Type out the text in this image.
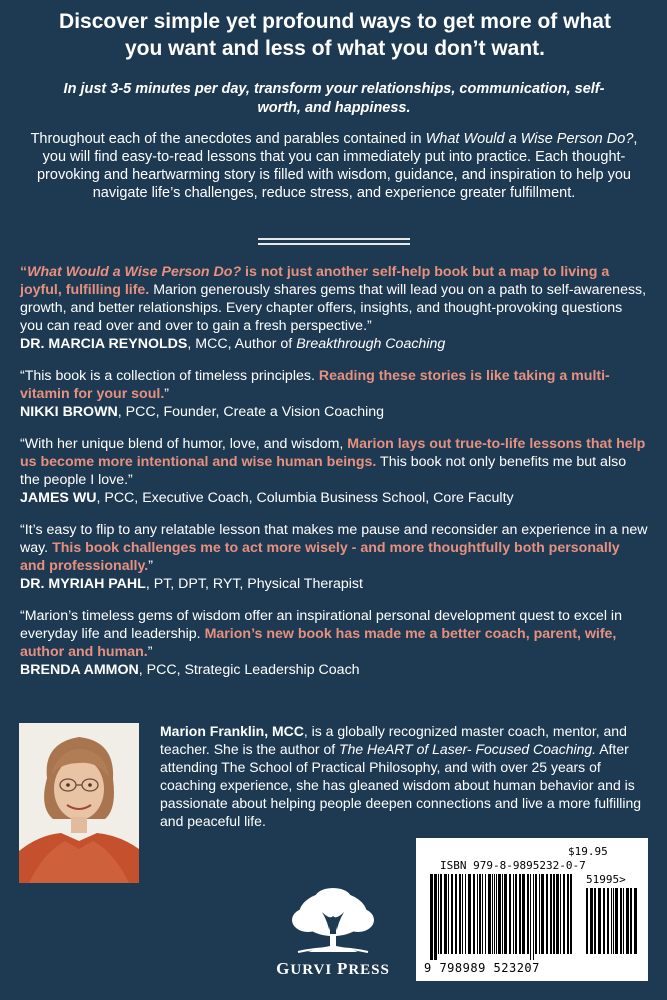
Discover simple yet profound ways to get more of what you want and less of what you don’t want.
In just 3-5 minutes per day, transform your relationships, communication, self-worth, and happiness.
Throughout each of the anecdotes and parables contained in What Would a Wise Person Do?, you will find easy-to-read lessons that you can immediately put into practice. Each thought-provoking and heartwarming story is filled with wisdom, guidance, and inspiration to help you navigate life’s challenges, reduce stress, and experience greater fulfillment.
“What Would a Wise Person Do? is not just another self-help book but a map to living a joyful, fulfilling life. Marion generously shares gems that will lead you on a path to self-awareness, growth, and better relationships. Every chapter offers, insights, and thought-provoking questions you can read over and over to gain a fresh perspective.”
DR. MARCIA REYNOLDS, MCC, Author of Breakthrough Coaching
“This book is a collection of timeless principles. Reading these stories is like taking a multi-vitamin for your soul.”
NIKKI BROWN, PCC, Founder, Create a Vision Coaching
“With her unique blend of humor, love, and wisdom, Marion lays out true-to-life lessons that help us become more intentional and wise human beings. This book not only benefits me but also the people I love.”
JAMES WU, PCC, Executive Coach, Columbia Business School, Core Faculty
“It’s easy to flip to any relatable lesson that makes me pause and reconsider an experience in a new way. This book challenges me to act more wisely - and more thoughtfully both personally and professionally.”
DR. MYRIAH PAHL, PT, DPT, RYT, Physical Therapist
“Marion’s timeless gems of wisdom offer an inspirational personal development quest to excel in everyday life and leadership. Marion’s new book has made me a better coach, parent, wife, author and human.”
BRENDA AMMON, PCC, Strategic Leadership Coach
Marion Franklin, MCC, is a globally recognized master coach, mentor, and teacher. She is the author of The HeART of Laser- Focused Coaching. After attending The School of Practical Philosophy, and with over 25 years of coaching experience, she has gleaned wisdom about human behavior and is passionate about helping people deepen connections and live a more fulfilling and peaceful life.
$19.95
ISBN 979-8-9895232-0-7
51995>
9 798989 523207
GURVI PRESS
